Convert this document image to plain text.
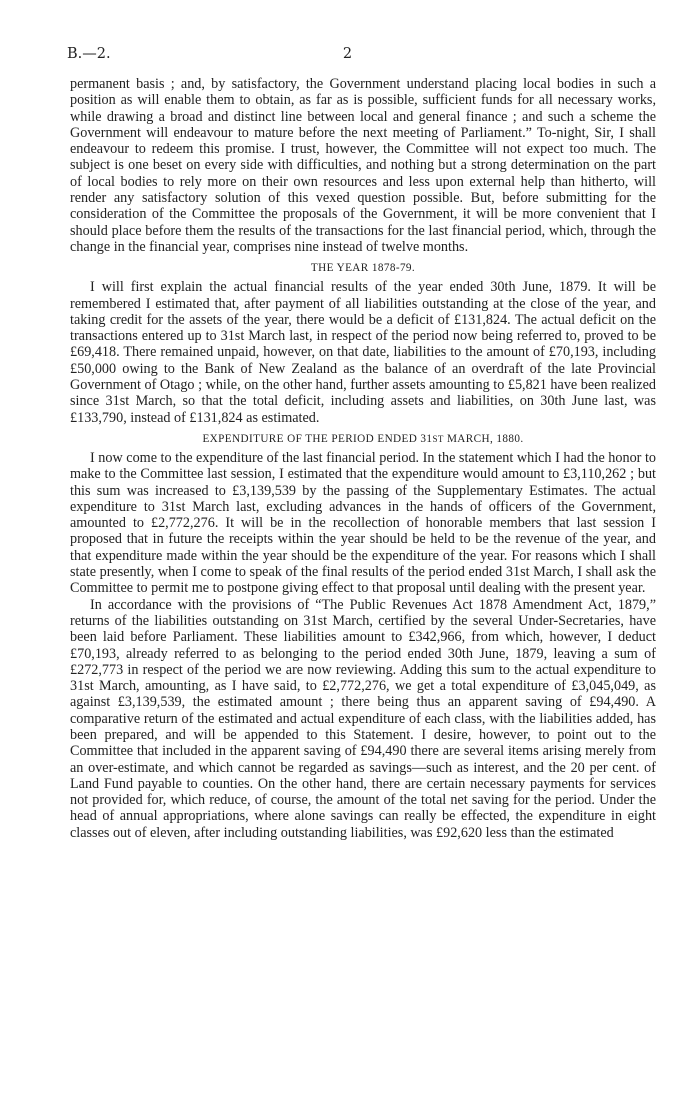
B.—2.	2

permanent basis ; and, by satisfactory, the Government understand placing local bodies in such a position as will enable them to obtain, as far as is possible, sufficient funds for all necessary works, while drawing a broad and distinct line between local and general finance ; and such a scheme the Government will endeavour to mature before the next meeting of Parliament.” To-night, Sir, I shall endeavour to redeem this promise. I trust, however, the Committee will not expect too much. The subject is one beset on every side with difficulties, and nothing but a strong determination on the part of local bodies to rely more on their own resources and less upon external help than hitherto, will render any satisfactory solution of this vexed question possible. But, before submitting for the consideration of the Committee the proposals of the Government, it will be more convenient that I should place before them the results of the transactions for the last financial period, which, through the change in the financial year, comprises nine instead of twelve months.

THE YEAR 1878-79.

I will first explain the actual financial results of the year ended 30th June, 1879. It will be remembered I estimated that, after payment of all liabilities outstanding at the close of the year, and taking credit for the assets of the year, there would be a deficit of £131,824. The actual deficit on the transactions entered up to 31st March last, in respect of the period now being referred to, proved to be £69,418. There remained unpaid, however, on that date, liabilities to the amount of £70,193, including £50,000 owing to the Bank of New Zealand as the balance of an overdraft of the late Provincial Government of Otago ; while, on the other hand, further assets amounting to £5,821 have been realized since 31st March, so that the total deficit, including assets and liabilities, on 30th June last, was £133,790, instead of £131,824 as estimated.

EXPENDITURE OF THE PERIOD ENDED 31ST MARCH, 1880.

I now come to the expenditure of the last financial period. In the statement which I had the honor to make to the Committee last session, I estimated that the expenditure would amount to £3,110,262 ; but this sum was increased to £3,139,539 by the passing of the Supplementary Estimates. The actual expenditure to 31st March last, excluding advances in the hands of officers of the Government, amounted to £2,772,276. It will be in the recollection of honorable members that last session I proposed that in future the receipts within the year should be held to be the revenue of the year, and that expenditure made within the year should be the expenditure of the year. For reasons which I shall state presently, when I come to speak of the final results of the period ended 31st March, I shall ask the Committee to permit me to postpone giving effect to that proposal until dealing with the present year.

In accordance with the provisions of “The Public Revenues Act 1878 Amendment Act, 1879,” returns of the liabilities outstanding on 31st March, certified by the several Under-Secretaries, have been laid before Parliament. These liabilities amount to £342,966, from which, however, I deduct £70,193, already referred to as belonging to the period ended 30th June, 1879, leaving a sum of £272,773 in respect of the period we are now reviewing. Adding this sum to the actual expenditure to 31st March, amounting, as I have said, to £2,772,276, we get a total expenditure of £3,045,049, as against £3,139,539, the estimated amount ; there being thus an apparent saving of £94,490. A comparative return of the estimated and actual expenditure of each class, with the liabilities added, has been prepared, and will be appended to this Statement. I desire, however, to point out to the Committee that included in the apparent saving of £94,490 there are several items arising merely from an over-estimate, and which cannot be regarded as savings—such as interest, and the 20 per cent. of Land Fund payable to counties. On the other hand, there are certain necessary payments for services not provided for, which reduce, of course, the amount of the total net saving for the period. Under the head of annual appropriations, where alone savings can really be effected, the expenditure in eight classes out of eleven, after including outstanding liabilities, was £92,620 less than the estimated
